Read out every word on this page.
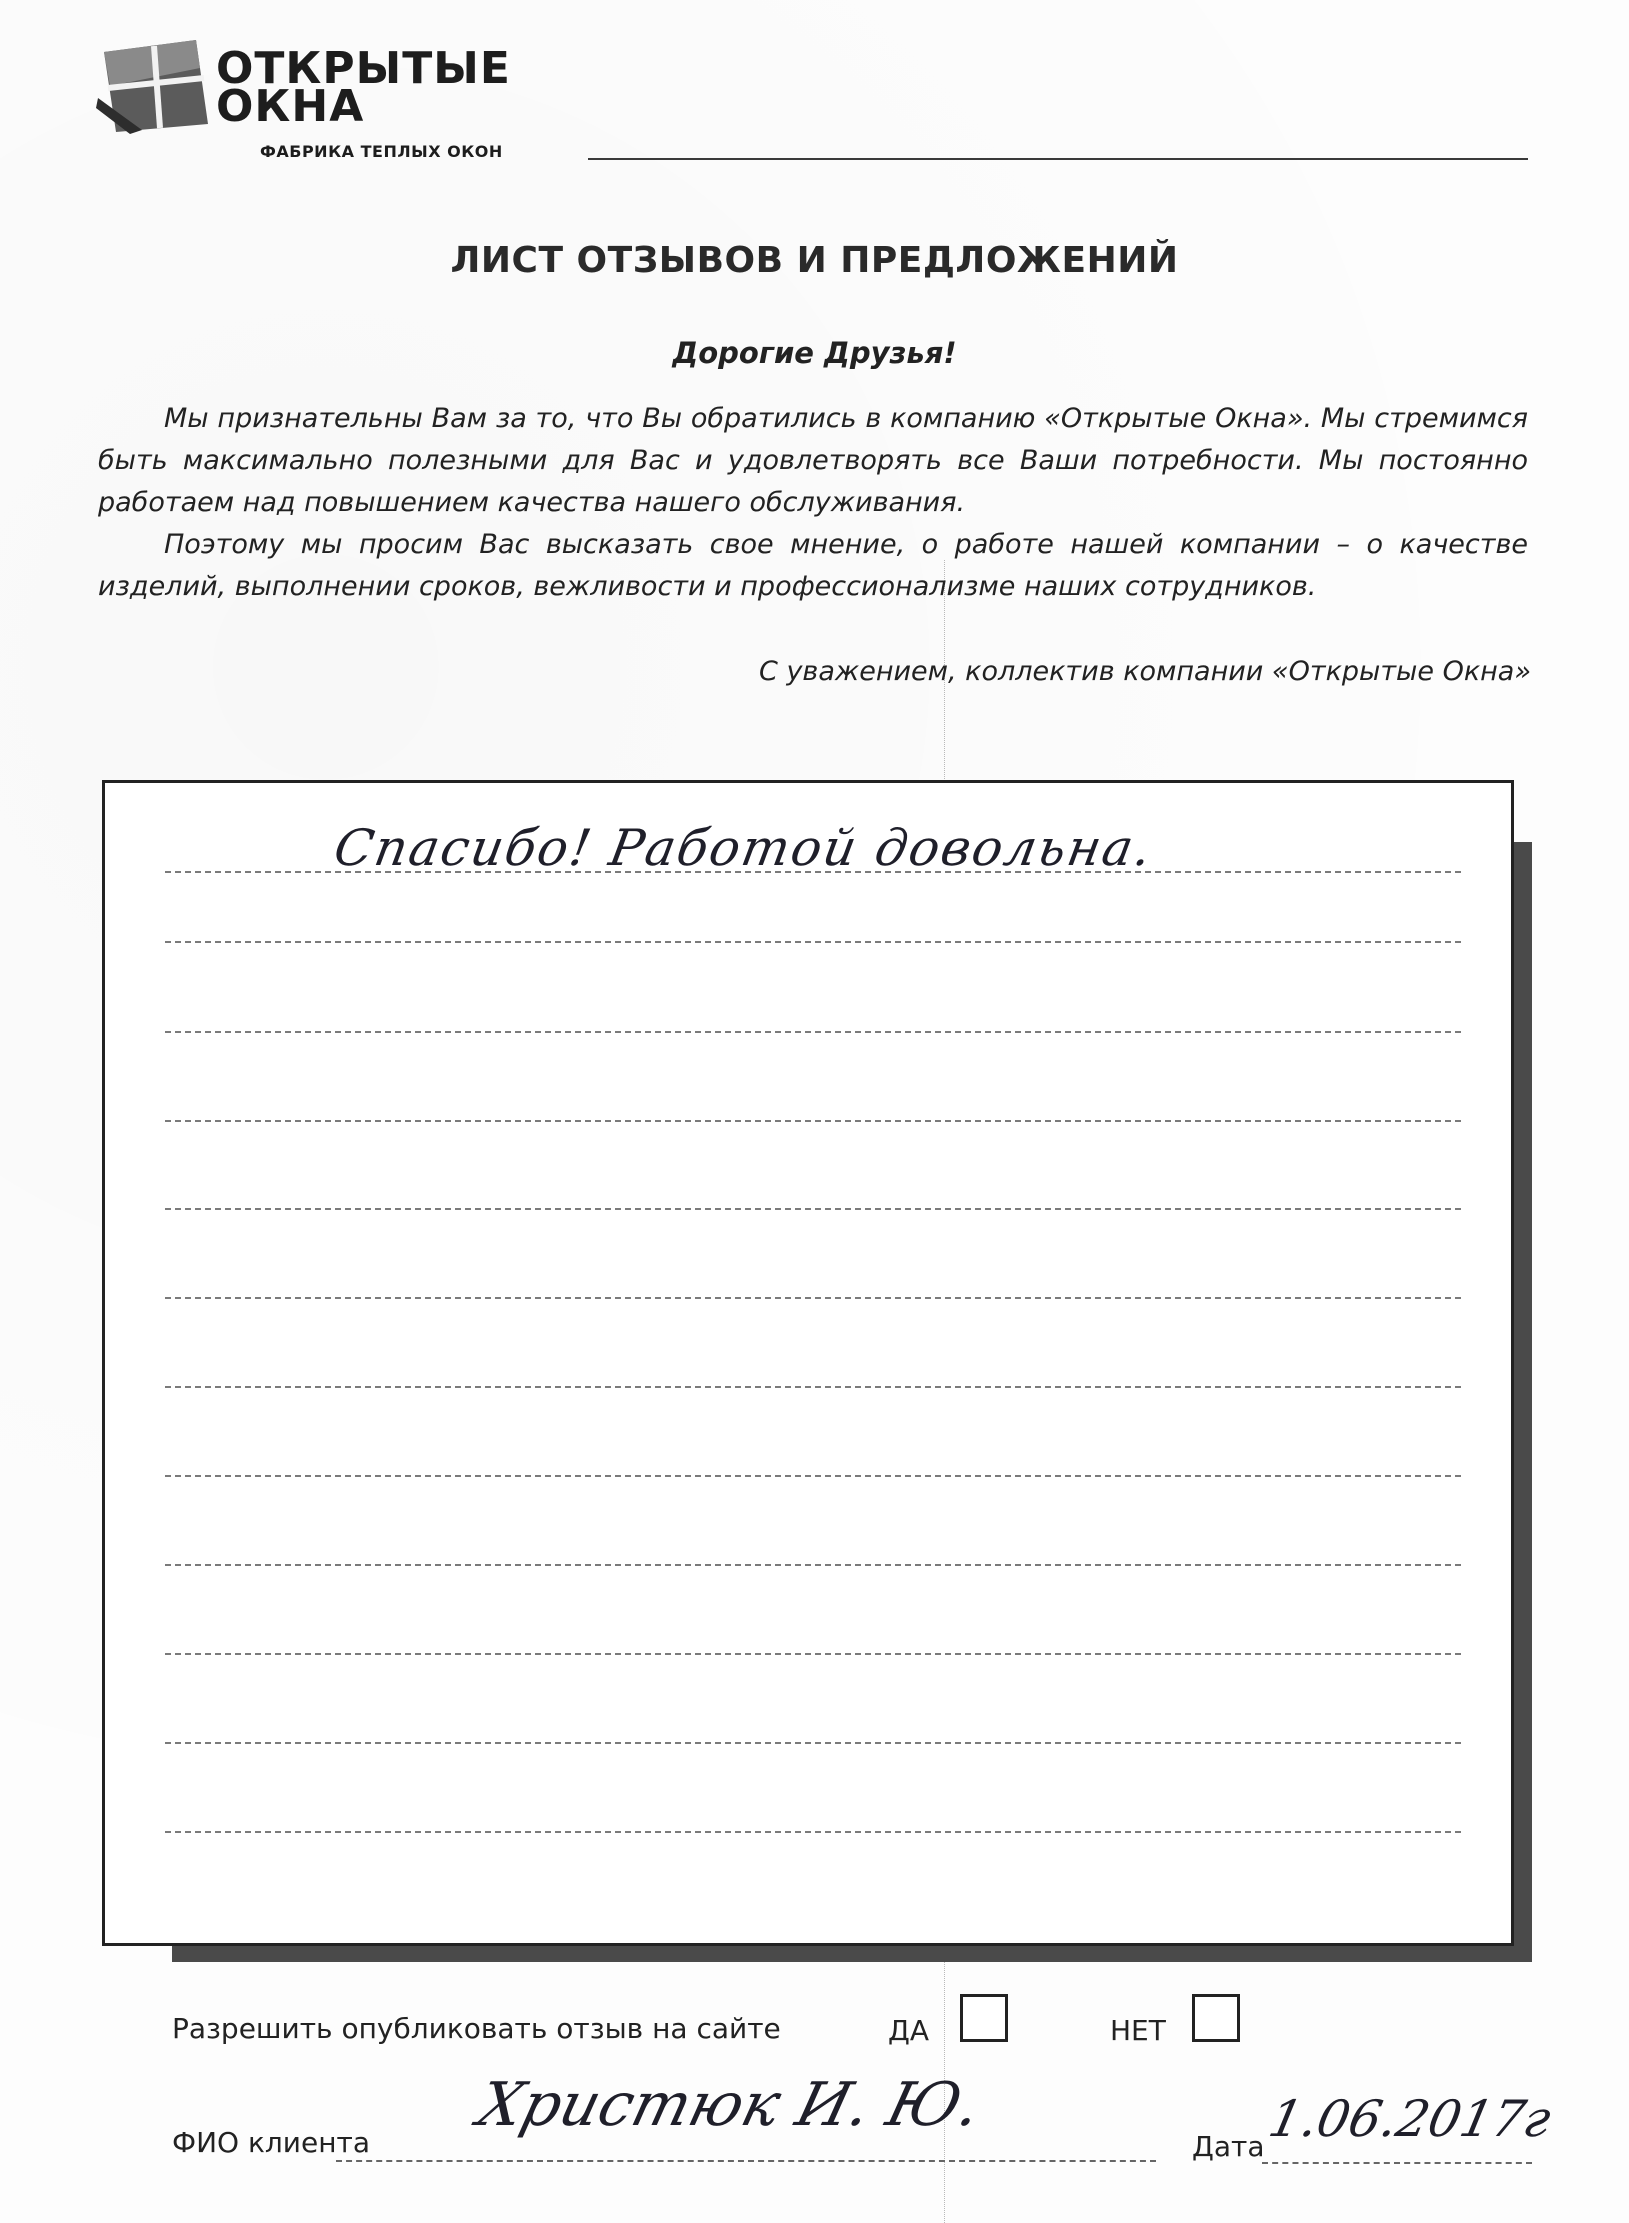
ОТКРЫТЫЕ
ОКНА
ФАБРИКА ТЕПЛЫХ ОКОН
ЛИСТ ОТЗЫВОВ И ПРЕДЛОЖЕНИЙ
Дорогие Друзья!

Мы признательны Вам за то, что Вы обратились в компанию «Открытые Окна». Мы стремимся быть максимально полезными для Вас и удовлетворять все Ваши потребности. Мы постоянно работаем над повышением качества нашего обслуживания.

Поэтому мы просим Вас высказать свое мнение, о работе нашей компании – о качестве изделий, выполнении сроков, вежливости и профессионализме наших сотрудников.

С уважением, коллектив компании «Открытые Окна»
Спасибо! Работой довольна.
Разрешить опубликовать отзыв на сайте	ДА	НЕТ
ФИО клиента
Христюк И. Ю.
Дата 1.06.2017г
